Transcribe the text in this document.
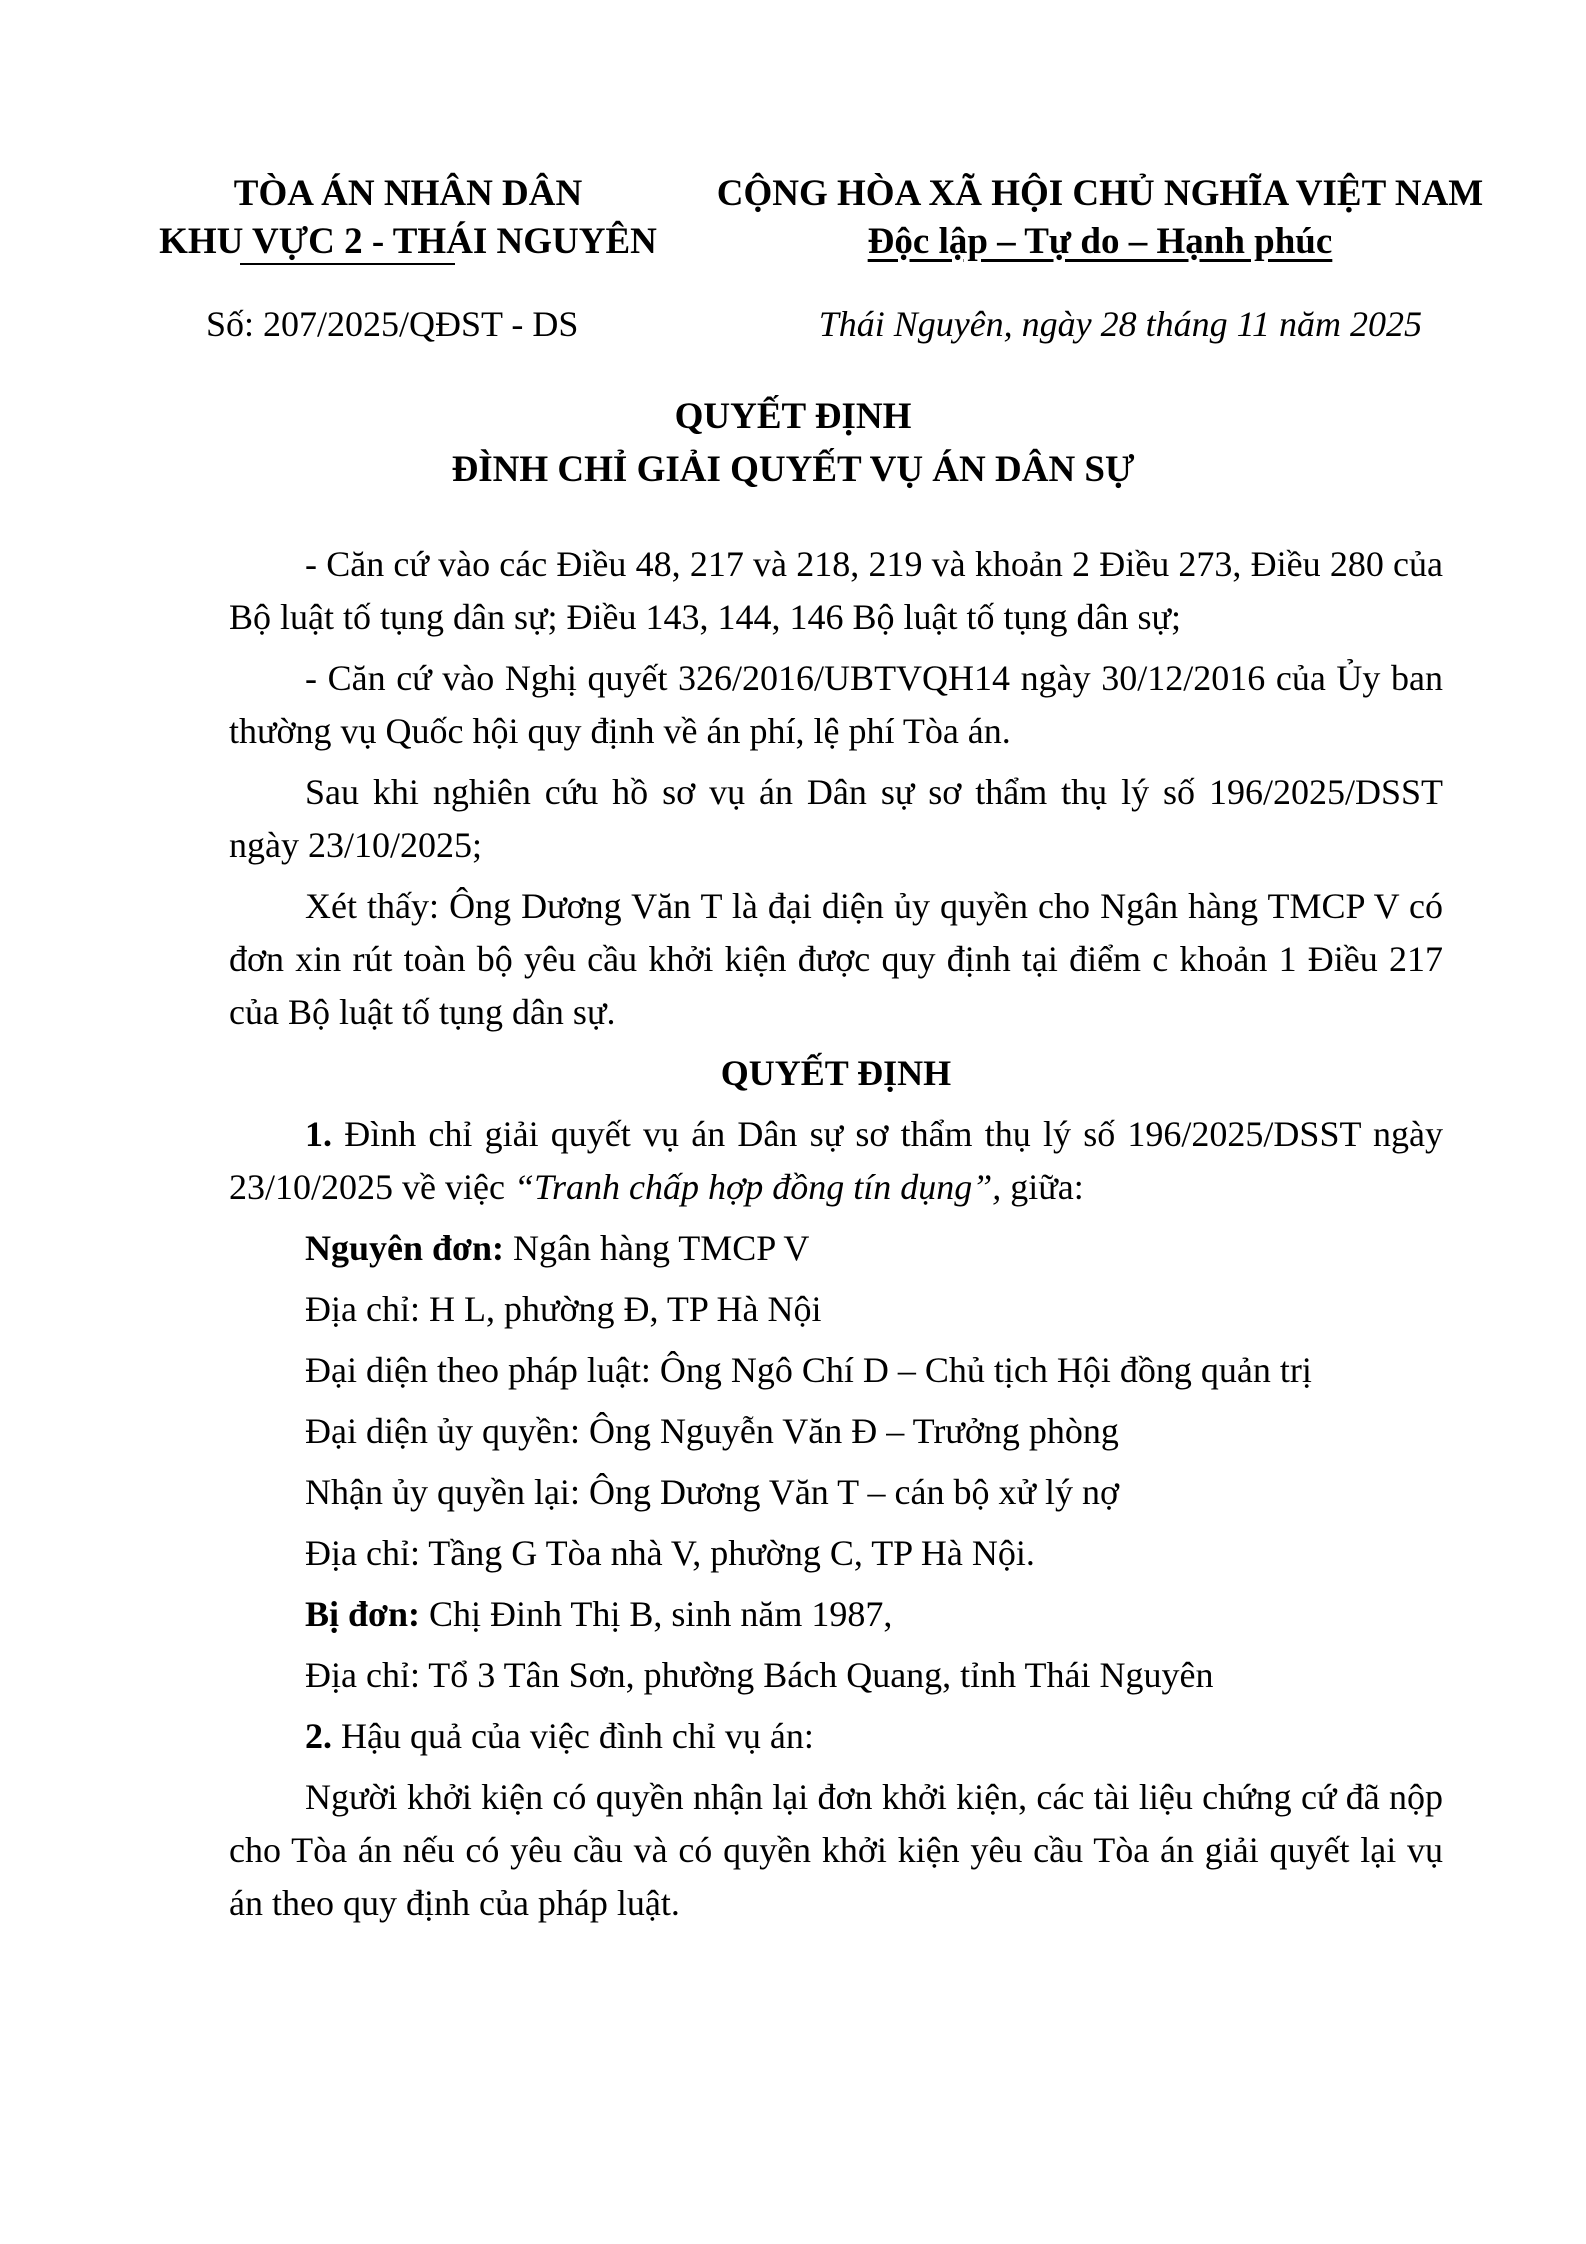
TÒA ÁN NHÂN DÂN
KHU VỰC 2 - THÁI NGUYÊN
CỘNG HÒA XÃ HỘI CHỦ NGHĨA VIỆT NAM
Độc lập – Tự do – Hạnh phúc
Số: 207/2025/QĐST - DS	Thái Nguyên, ngày 28 tháng 11 năm 2025
QUYẾT ĐỊNH
ĐÌNH CHỈ GIẢI QUYẾT VỤ ÁN DÂN SỰ

- Căn cứ vào các Điều 48, 217 và 218, 219 và khoản 2 Điều 273, Điều 280 của Bộ luật tố tụng dân sự; Điều 143, 144, 146 Bộ luật tố tụng dân sự;

- Căn cứ vào Nghị quyết 326/2016/UBTVQH14 ngày 30/12/2016 của Ủy ban thường vụ Quốc hội quy định về án phí, lệ phí Tòa án.

Sau khi nghiên cứu hồ sơ vụ án Dân sự sơ thẩm thụ lý số 196/2025/DSST ngày 23/10/2025;

Xét thấy: Ông Dương Văn T là đại diện ủy quyền cho Ngân hàng TMCP V có đơn xin rút toàn bộ yêu cầu khởi kiện được quy định tại điểm c khoản 1 Điều 217 của Bộ luật tố tụng dân sự.

QUYẾT ĐỊNH

1. Đình chỉ giải quyết vụ án Dân sự sơ thẩm thụ lý số 196/2025/DSST ngày 23/10/2025 về việc “Tranh chấp hợp đồng tín dụng”, giữa:

Nguyên đơn: Ngân hàng TMCP V

Địa chỉ: H L, phường Đ, TP Hà Nội

Đại diện theo pháp luật: Ông Ngô Chí D – Chủ tịch Hội đồng quản trị

Đại diện ủy quyền: Ông Nguyễn Văn Đ – Trưởng phòng

Nhận ủy quyền lại: Ông Dương Văn T – cán bộ xử lý nợ

Địa chỉ: Tầng G Tòa nhà V, phường C, TP Hà Nội.

Bị đơn: Chị Đinh Thị B, sinh năm 1987,

Địa chỉ: Tổ 3 Tân Sơn, phường Bách Quang, tỉnh Thái Nguyên

2. Hậu quả của việc đình chỉ vụ án:

Người khởi kiện có quyền nhận lại đơn khởi kiện, các tài liệu chứng cứ đã nộp cho Tòa án nếu có yêu cầu và có quyền khởi kiện yêu cầu Tòa án giải quyết lại vụ án theo quy định của pháp luật.
